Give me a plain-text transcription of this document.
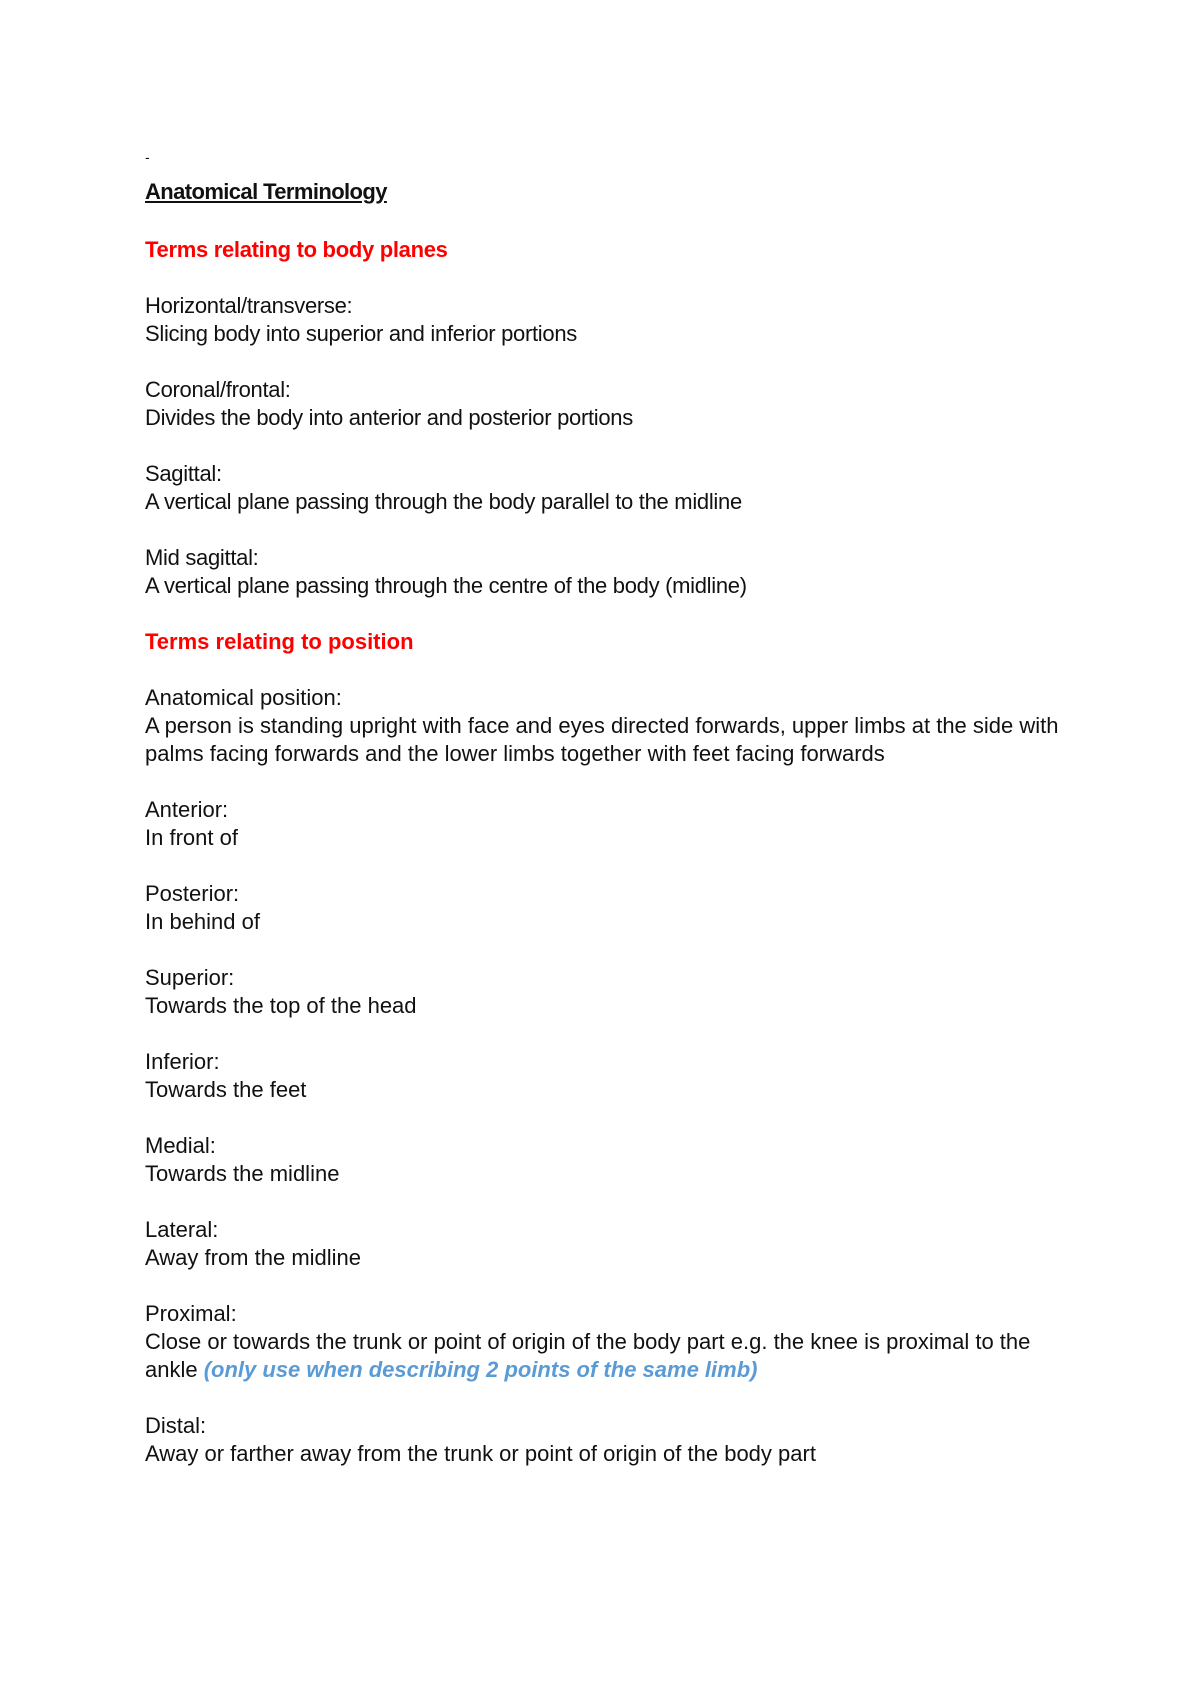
-
Anatomical Terminology
Terms relating to body planes
Horizontal/transverse:
Slicing body into superior and inferior portions
Coronal/frontal:
Divides the body into anterior and posterior portions
Sagittal:
A vertical plane passing through the body parallel to the midline
Mid sagittal:
A vertical plane passing through the centre of the body (midline)
Terms relating to position
Anatomical position:
A person is standing upright with face and eyes directed forwards, upper limbs at the side with palms facing forwards and the lower limbs together with feet facing forwards
Anterior:
In front of
Posterior:
In behind of
Superior:
Towards the top of the head
Inferior:
Towards the feet
Medial:
Towards the midline
Lateral:
Away from the midline
Proximal:
Close or towards the trunk or point of origin of the body part e.g. the knee is proximal to the ankle (only use when describing 2 points of the same limb)
Distal:
Away or farther away from the trunk or point of origin of the body part
